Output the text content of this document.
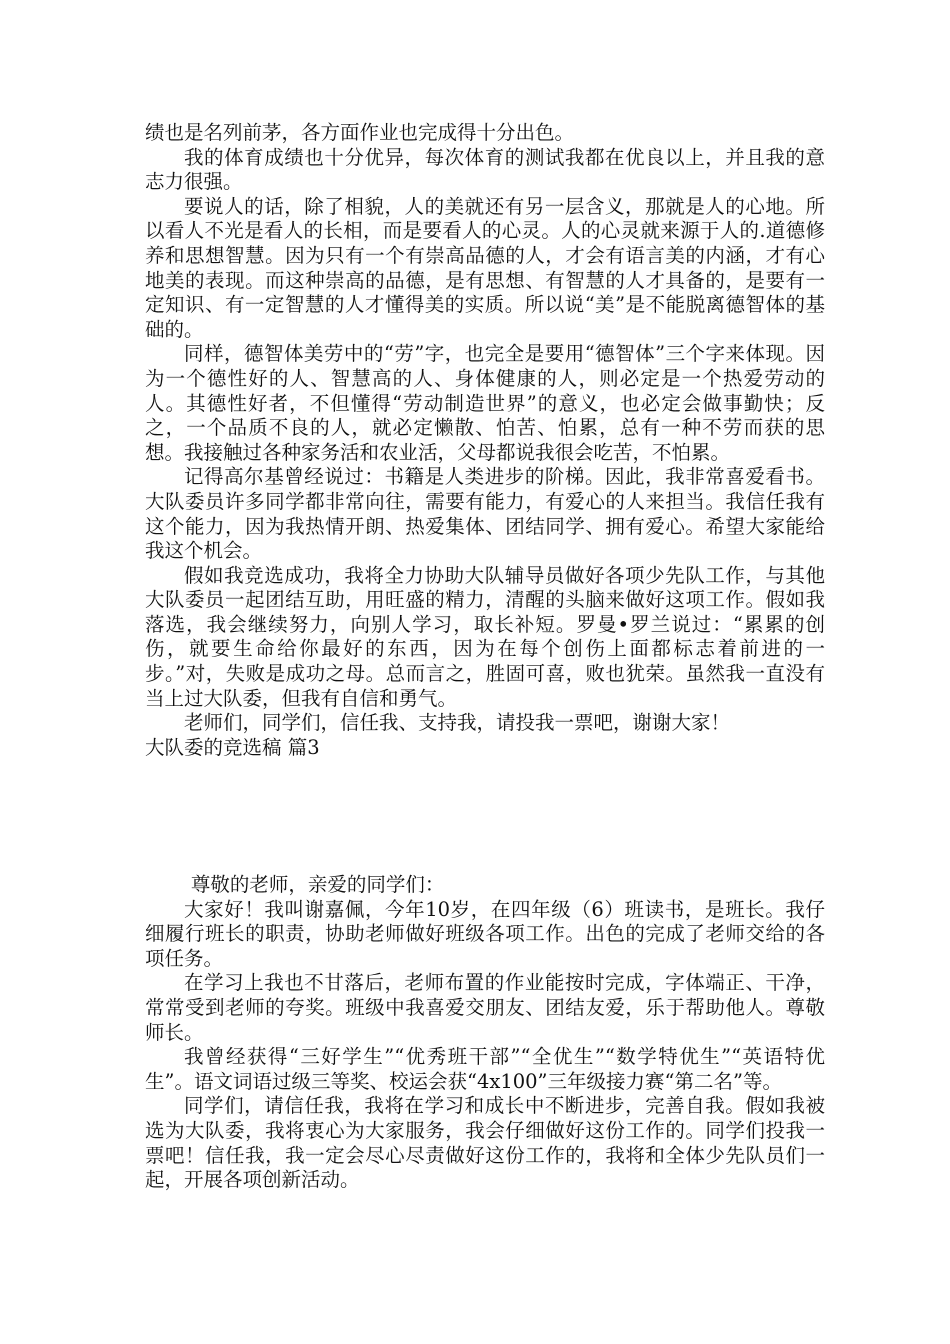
绩也是名列前茅，各方面作业也完成得十分出色。

我的体育成绩也十分优异，每次体育的测试我都在优良以上，并且我的意志力很强。

要说人的话，除了相貌，人的美就还有另一层含义，那就是人的心地。所以看人不光是看人的长相，而是要看人的心灵。人的心灵就来源于人的.道德修养和思想智慧。因为只有一个有崇高品德的人，才会有语言美的内涵，才有心地美的表现。而这种崇高的品德，是有思想、有智慧的人才具备的，是要有一定知识、有一定智慧的人才懂得美的实质。所以说“美”是不能脱离德智体的基础的。

同样，德智体美劳中的“劳”字，也完全是要用“德智体”三个字来体现。因为一个德性好的人、智慧高的人、身体健康的人，则必定是一个热爱劳动的人。其德性好者，不但懂得“劳动制造世界”的意义，也必定会做事勤快；反之，一个品质不良的人，就必定懒散、怕苦、怕累，总有一种不劳而获的思想。我接触过各种家务活和农业活，父母都说我很会吃苦，不怕累。

记得高尔基曾经说过：书籍是人类进步的阶梯。因此，我非常喜爱看书。大队委员许多同学都非常向往，需要有能力，有爱心的人来担当。我信任我有这个能力，因为我热情开朗、热爱集体、团结同学、拥有爱心。希望大家能给我这个机会。

假如我竞选成功，我将全力协助大队辅导员做好各项少先队工作，与其他大队委员一起团结互助，用旺盛的精力，清醒的头脑来做好这项工作。假如我落选，我会继续努力，向别人学习，取长补短。罗曼•罗兰说过：“累累的创伤，就要生命给你最好的东西，因为在每个创伤上面都标志着前进的一步。”对，失败是成功之母。总而言之，胜固可喜，败也犹荣。虽然我一直没有当上过大队委，但我有自信和勇气。

老师们，同学们，信任我、支持我，请投我一票吧，谢谢大家！

大队委的竞选稿 篇3

尊敬的老师，亲爱的同学们：

大家好！我叫谢嘉佩，今年10岁，在四年级（6）班读书，是班长。我仔细履行班长的职责，协助老师做好班级各项工作。出色的完成了老师交给的各项任务。

在学习上我也不甘落后，老师布置的作业能按时完成，字体端正、干净，常常受到老师的夸奖。班级中我喜爱交朋友、团结友爱，乐于帮助他人。尊敬师长。

我曾经获得“三好学生”“优秀班干部”“全优生”“数学特优生”“英语特优生”。语文词语过级三等奖、校运会获“4x100”三年级接力赛“第二名”等。

同学们，请信任我，我将在学习和成长中不断进步，完善自我。假如我被选为大队委，我将衷心为大家服务，我会仔细做好这份工作的。同学们投我一票吧！信任我，我一定会尽心尽责做好这份工作的，我将和全体少先队员们一起，开展各项创新活动。
